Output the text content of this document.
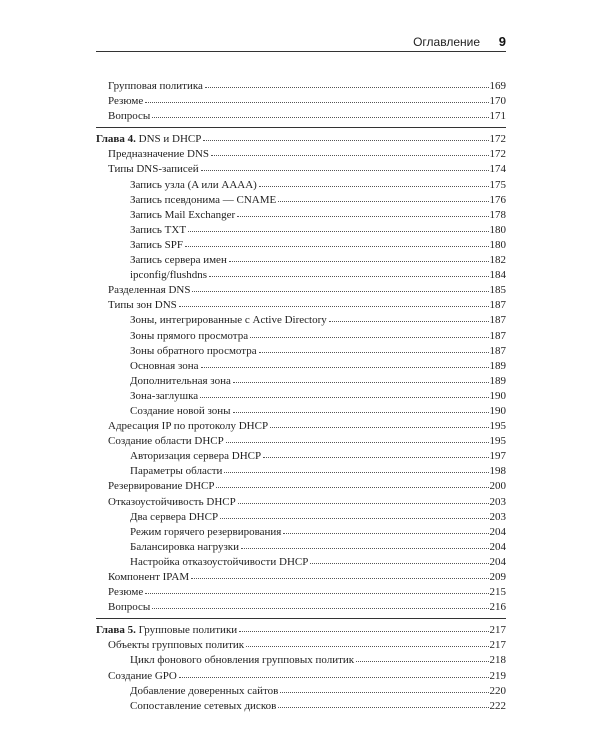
Оглавление 9
Групповая политика	169
Резюме	170
Вопросы	171
Глава 4. DNS и DHCP	172
Предназначение DNS	172
Типы DNS-записей	174
Запись узла (A или AAAA)	175
Запись псевдонима — CNAME	176
Запись Mail Exchanger	178
Запись TXT	180
Запись SPF	180
Запись сервера имен	182
ipconfig/flushdns	184
Разделенная DNS	185
Типы зон DNS	187
Зоны, интегрированные с Active Directory	187
Зоны прямого просмотра	187
Зоны обратного просмотра	187
Основная зона	189
Дополнительная зона	189
Зона-заглушка	190
Создание новой зоны	190
Адресация IP по протоколу DHCP	195
Создание области DHCP	195
Авторизация сервера DHCP	197
Параметры области	198
Резервирование DHCP	200
Отказоустойчивость DHCP	203
Два сервера DHCP	203
Режим горячего резервирования	204
Балансировка нагрузки	204
Настройка отказоустойчивости DHCP	204
Компонент IPAM	209
Резюме	215
Вопросы	216
Глава 5. Групповые политики	217
Объекты групповых политик	217
Цикл фонового обновления групповых политик	218
Создание GPO	219
Добавление доверенных сайтов	220
Сопоставление сетевых дисков	222
